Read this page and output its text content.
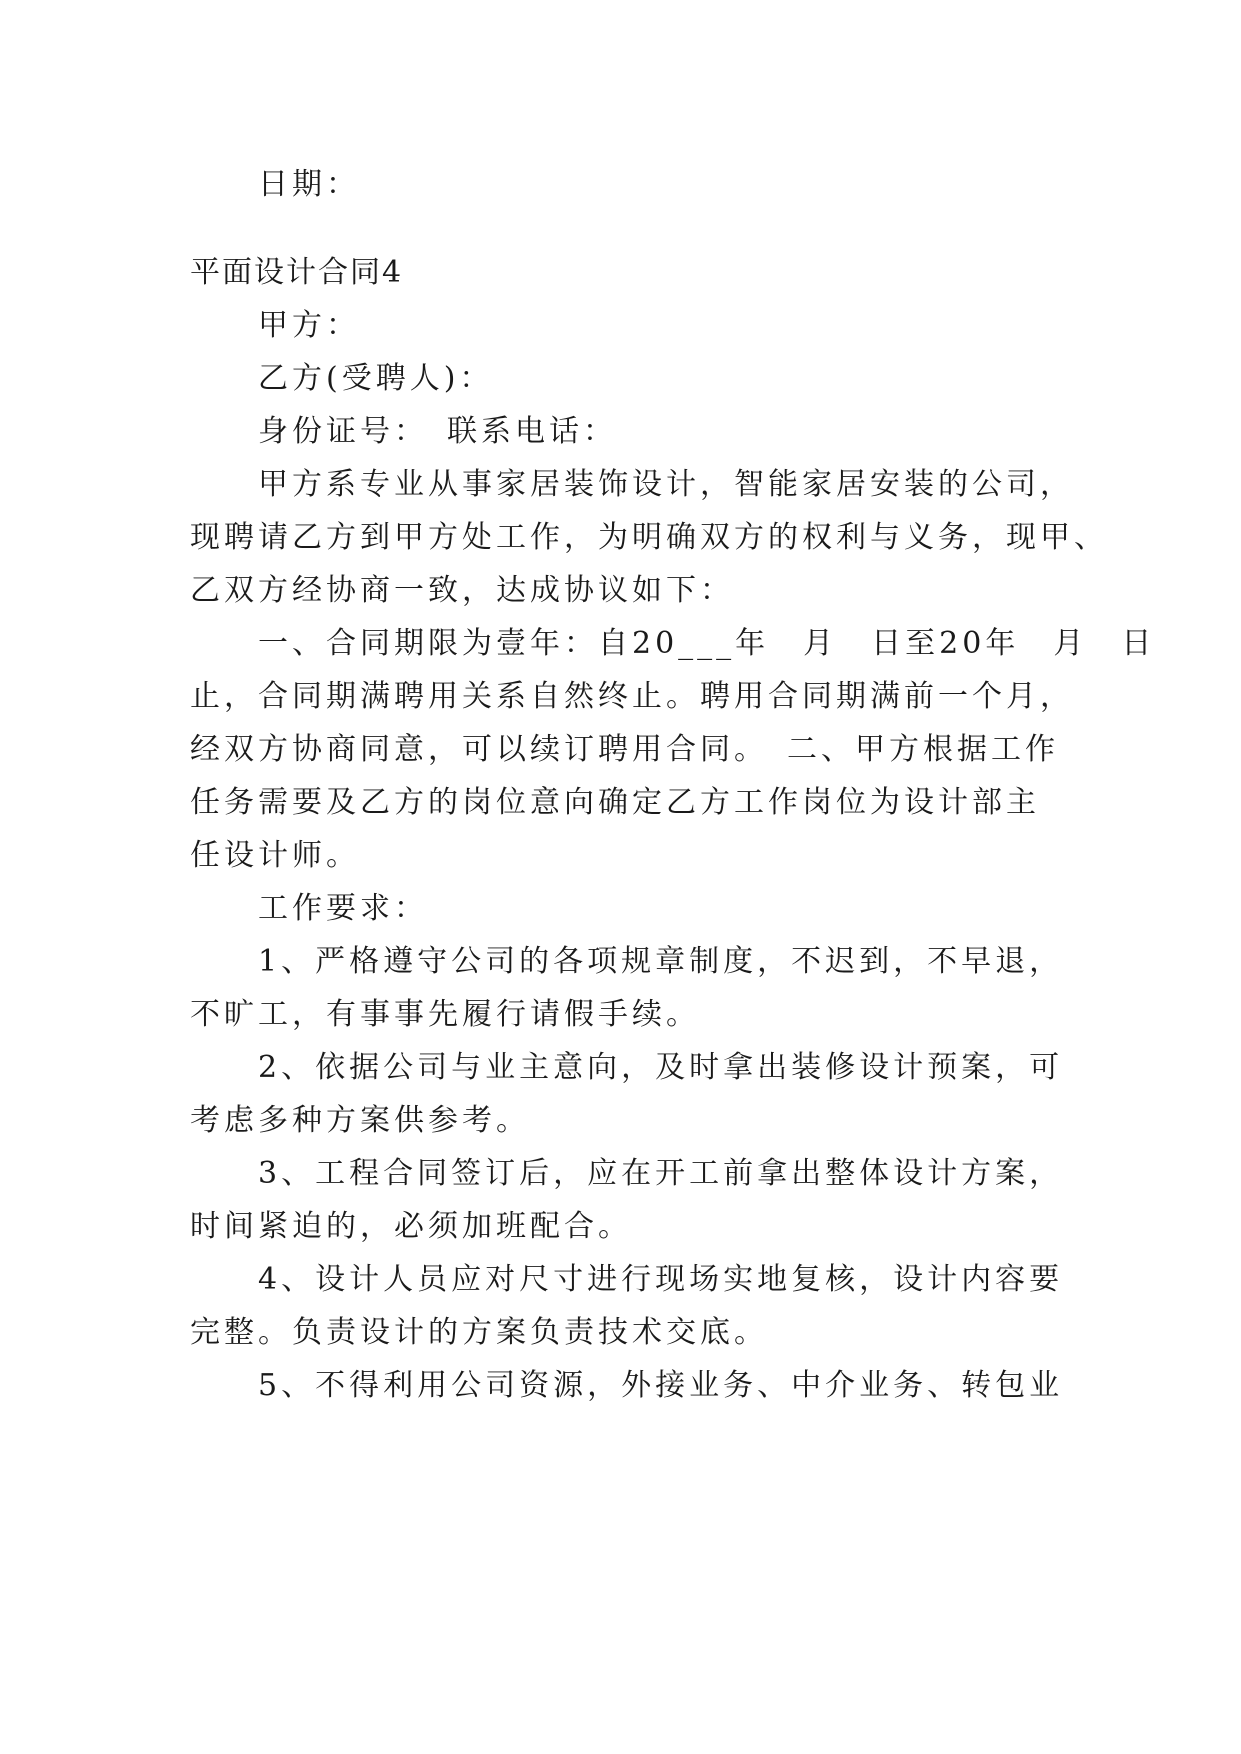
日期：
平面设计合同4
甲方：
乙方(受聘人)：
身份证号：　联系电话：
甲方系专业从事家居装饰设计，智能家居安装的公司，
现聘请乙方到甲方处工作，为明确双方的权利与义务，现甲、
乙双方经协商一致，达成协议如下：
一、合同期限为壹年：自20___年　月　日至20年　月　日
止，合同期满聘用关系自然终止。聘用合同期满前一个月，
经双方协商同意，可以续订聘用合同。　二、甲方根据工作
任务需要及乙方的岗位意向确定乙方工作岗位为设计部主
任设计师。
工作要求：
1、严格遵守公司的各项规章制度，不迟到，不早退，
不旷工，有事事先履行请假手续。
2、依据公司与业主意向，及时拿出装修设计预案，可
考虑多种方案供参考。
3、工程合同签订后，应在开工前拿出整体设计方案，
时间紧迫的，必须加班配合。
4、设计人员应对尺寸进行现场实地复核，设计内容要
完整。负责设计的方案负责技术交底。
5、不得利用公司资源，外接业务、中介业务、转包业
